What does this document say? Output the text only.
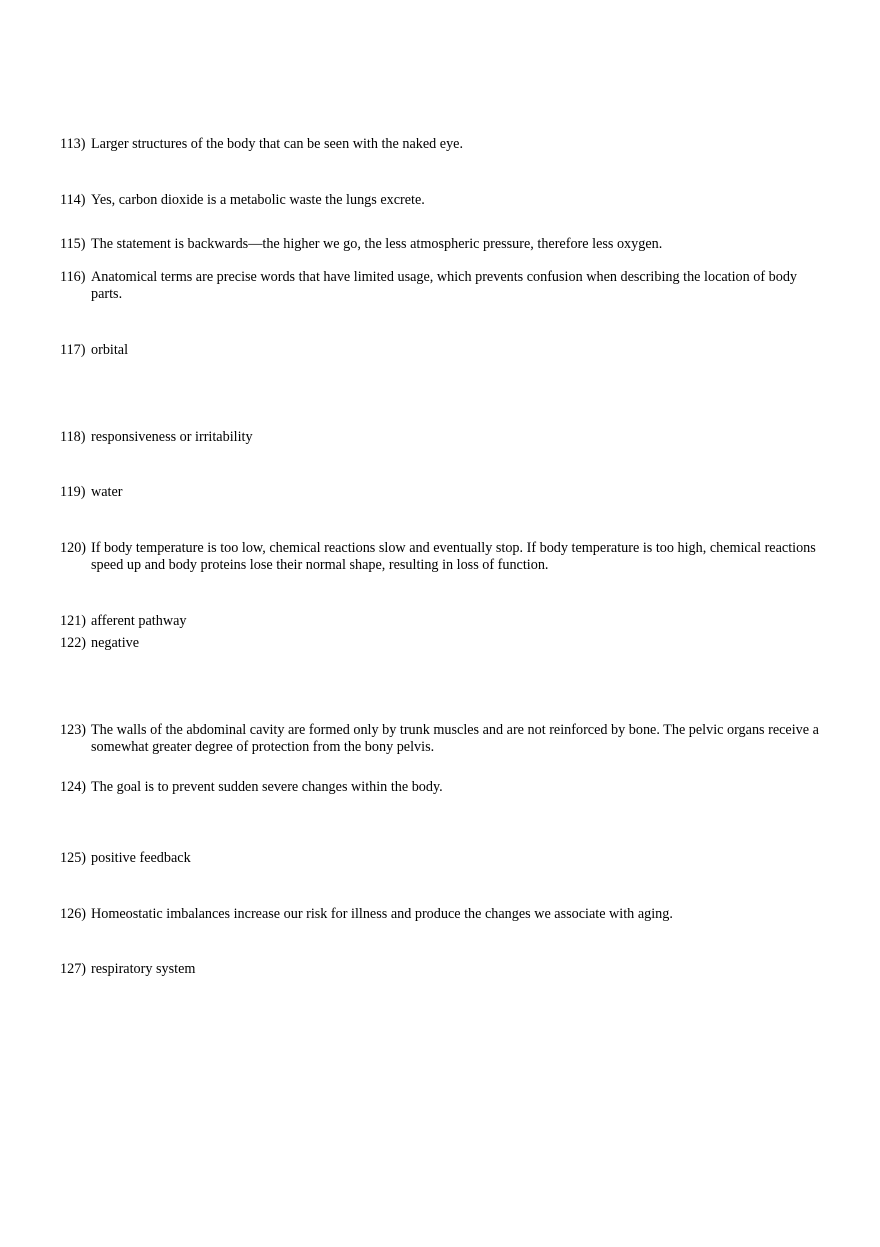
113) Larger structures of the body that can be seen with the naked eye.
114) Yes, carbon dioxide is a metabolic waste the lungs excrete.
115) The statement is backwards—the higher we go, the less atmospheric pressure, therefore less oxygen.
116) Anatomical terms are precise words that have limited usage, which prevents confusion when describing the location of body parts.
117) orbital
118) responsiveness or irritability
119) water
120) If body temperature is too low, chemical reactions slow and eventually stop. If body temperature is too high, chemical reactions speed up and body proteins lose their normal shape, resulting in loss of function.
121) afferent pathway
122) negative
123) The walls of the abdominal cavity are formed only by trunk muscles and are not reinforced by bone. The pelvic organs receive a somewhat greater degree of protection from the bony pelvis.
124) The goal is to prevent sudden severe changes within the body.
125) positive feedback
126) Homeostatic imbalances increase our risk for illness and produce the changes we associate with aging.
127) respiratory system
